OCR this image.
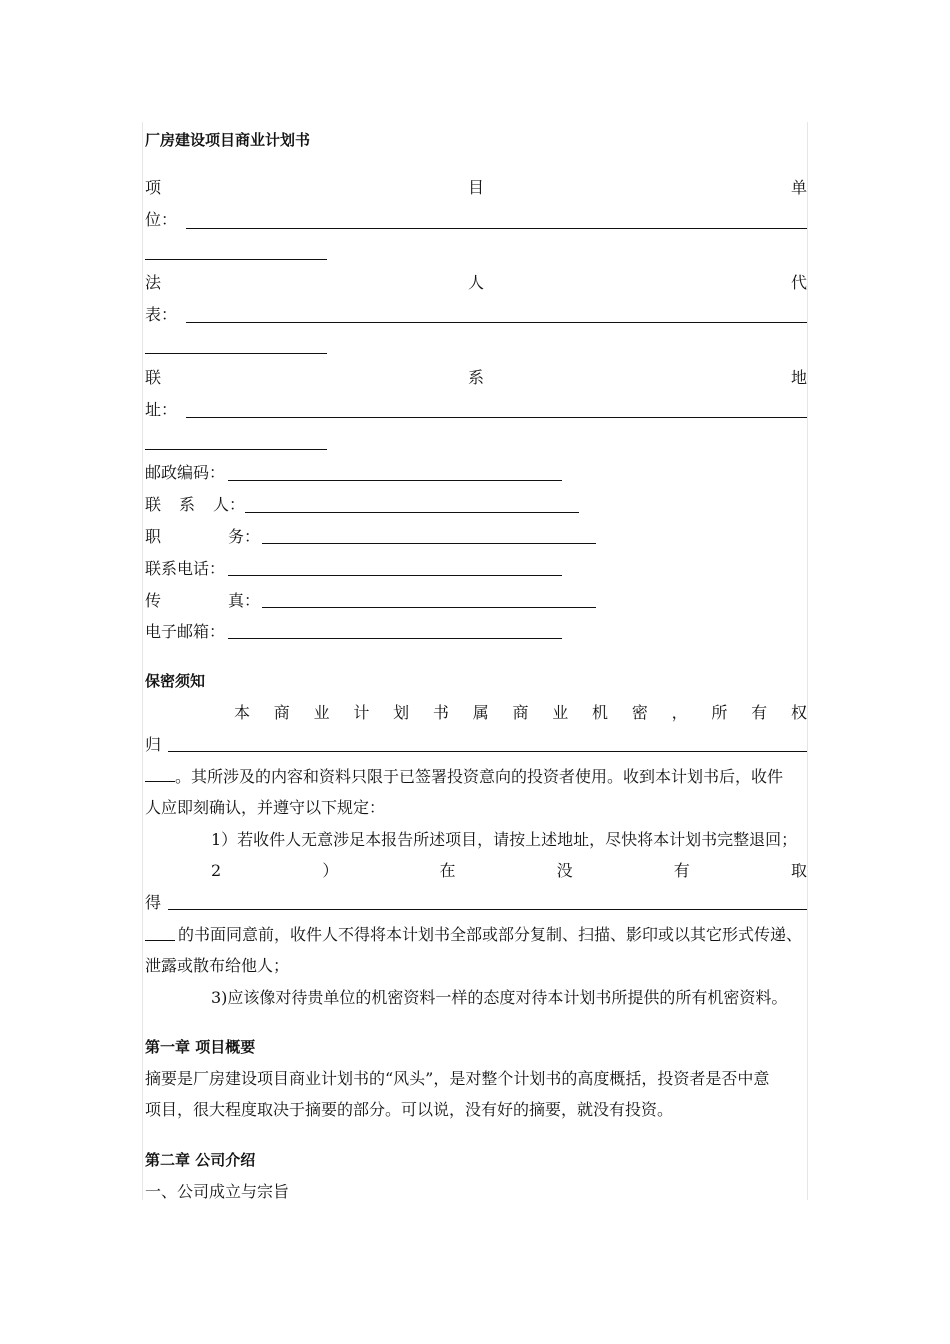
厂房建设项目商业计划书
项	目	单
位：
法	人	代
表：
联	系	地
址：
邮政编码：
联 系 人：
职	务：
联系电话：
传	真：
电子邮箱：
保密须知
本 商 业 计 划 书 属 商 业 机 密 ， 所 有 权
归
。其所涉及的内容和资料只限于已签署投资意向的投资者使用。收到本计划书后，收件
人应即刻确认，并遵守以下规定：
1）若收件人无意涉足本报告所述项目，请按上述地址，尽快将本计划书完整退回；
2	）	在	没	有	取
得
的书面同意前，收件人不得将本计划书全部或部分复制、扫描、影印或以其它形式传递、
泄露或散布给他人；
3)应该像对待贵单位的机密资料一样的态度对待本计划书所提供的所有机密资料。
第一章 项目概要
摘要是厂房建设项目商业计划书的“风头”，是对整个计划书的高度概括，投资者是否中意
项目，很大程度取决于摘要的部分。可以说，没有好的摘要，就没有投资。
第二章 公司介绍
一、公司成立与宗旨
